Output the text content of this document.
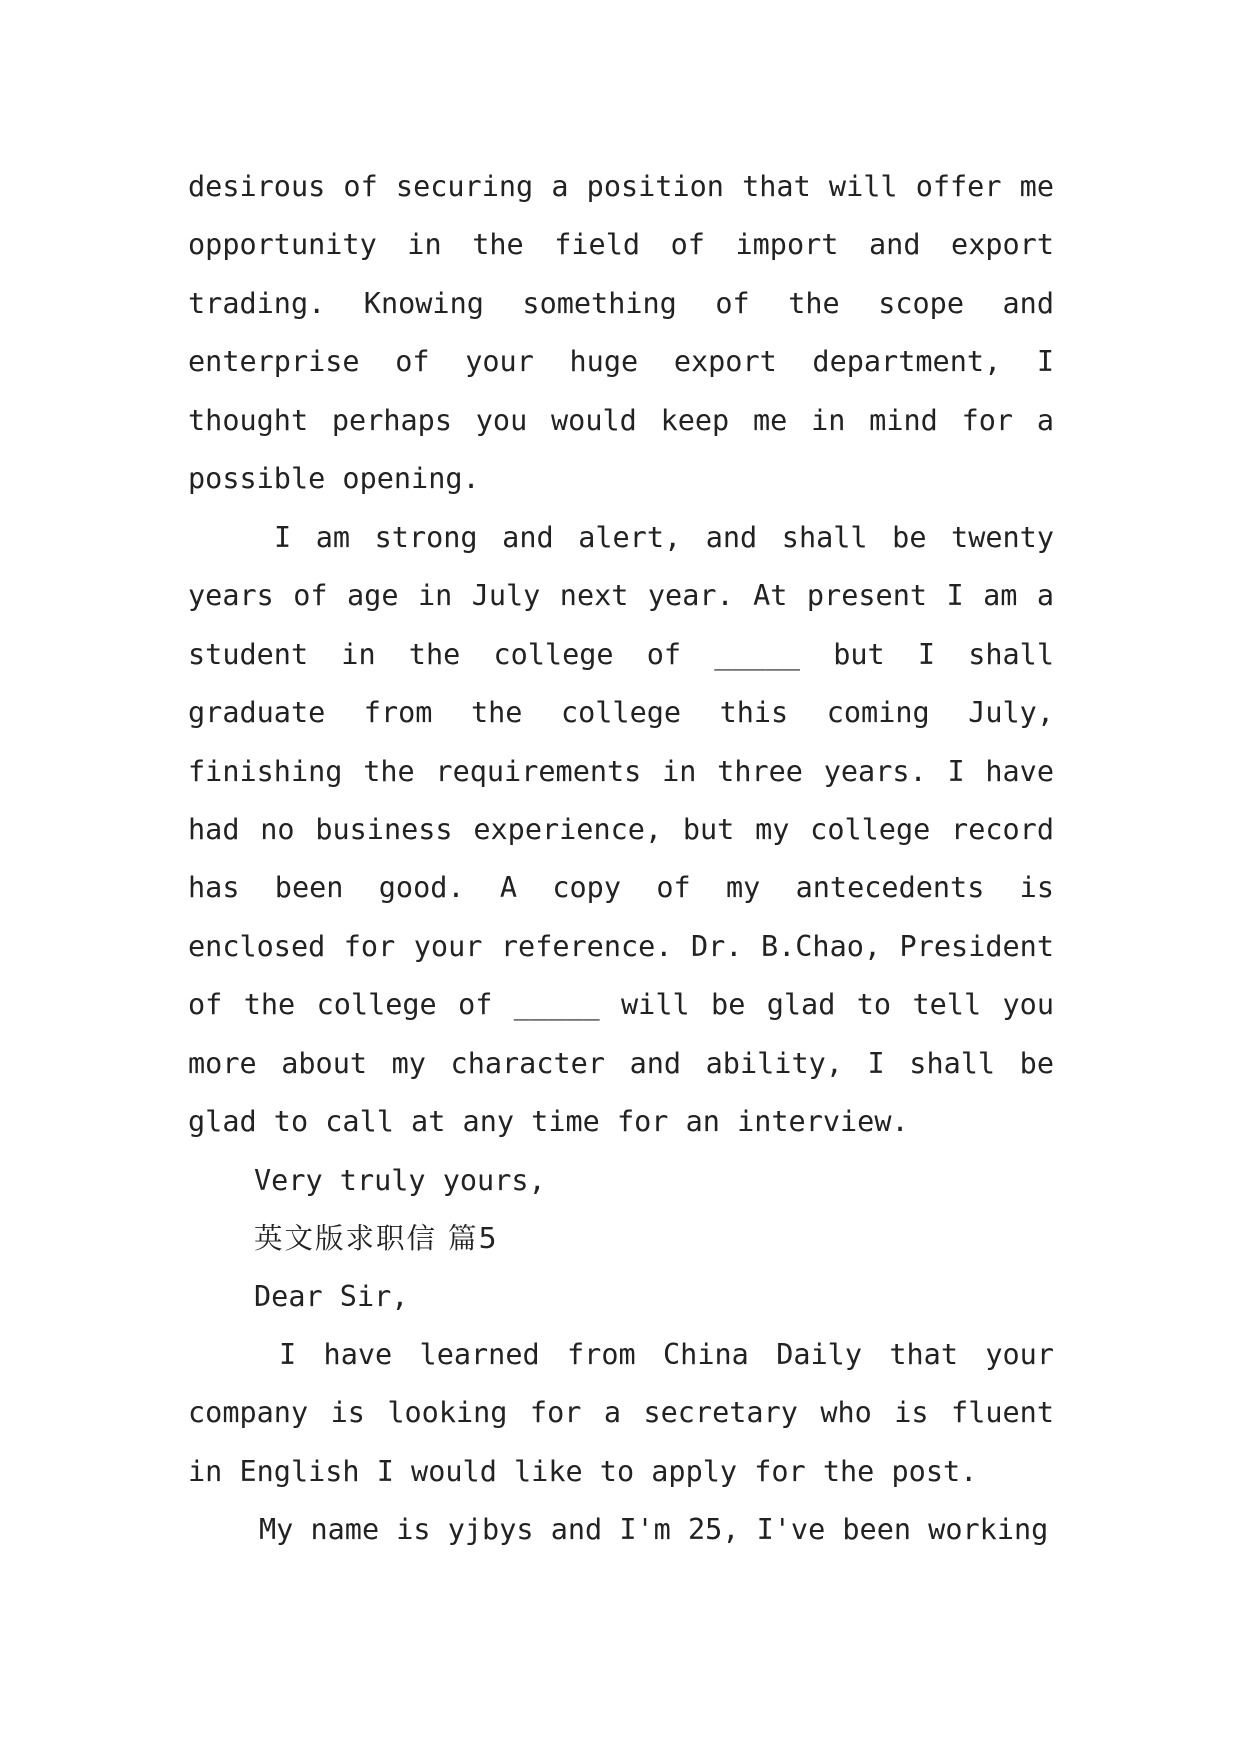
desirous of securing a position that will offer me opportunity in the field of import and export trading. Knowing something of the scope and enterprise of your huge export department, I thought perhaps you would keep me in mind for a possible opening.

I am strong and alert, and shall be twenty years of age in July next year. At present I am a student in the college of _____ but I shall graduate from the college this coming July, finishing the requirements in three years. I have had no business experience, but my college record has been good. A copy of my antecedents is enclosed for your reference. Dr. B.Chao, President of the college of _____ will be glad to tell you more about my character and ability, I shall be glad to call at any time for an interview.

Very truly yours,

英文版求职信 篇5

Dear Sir,

I have learned from China Daily that your company is looking for a secretary who is fluent in English I would like to apply for the post.

My name is yjbys and I'm 25, I've been working
